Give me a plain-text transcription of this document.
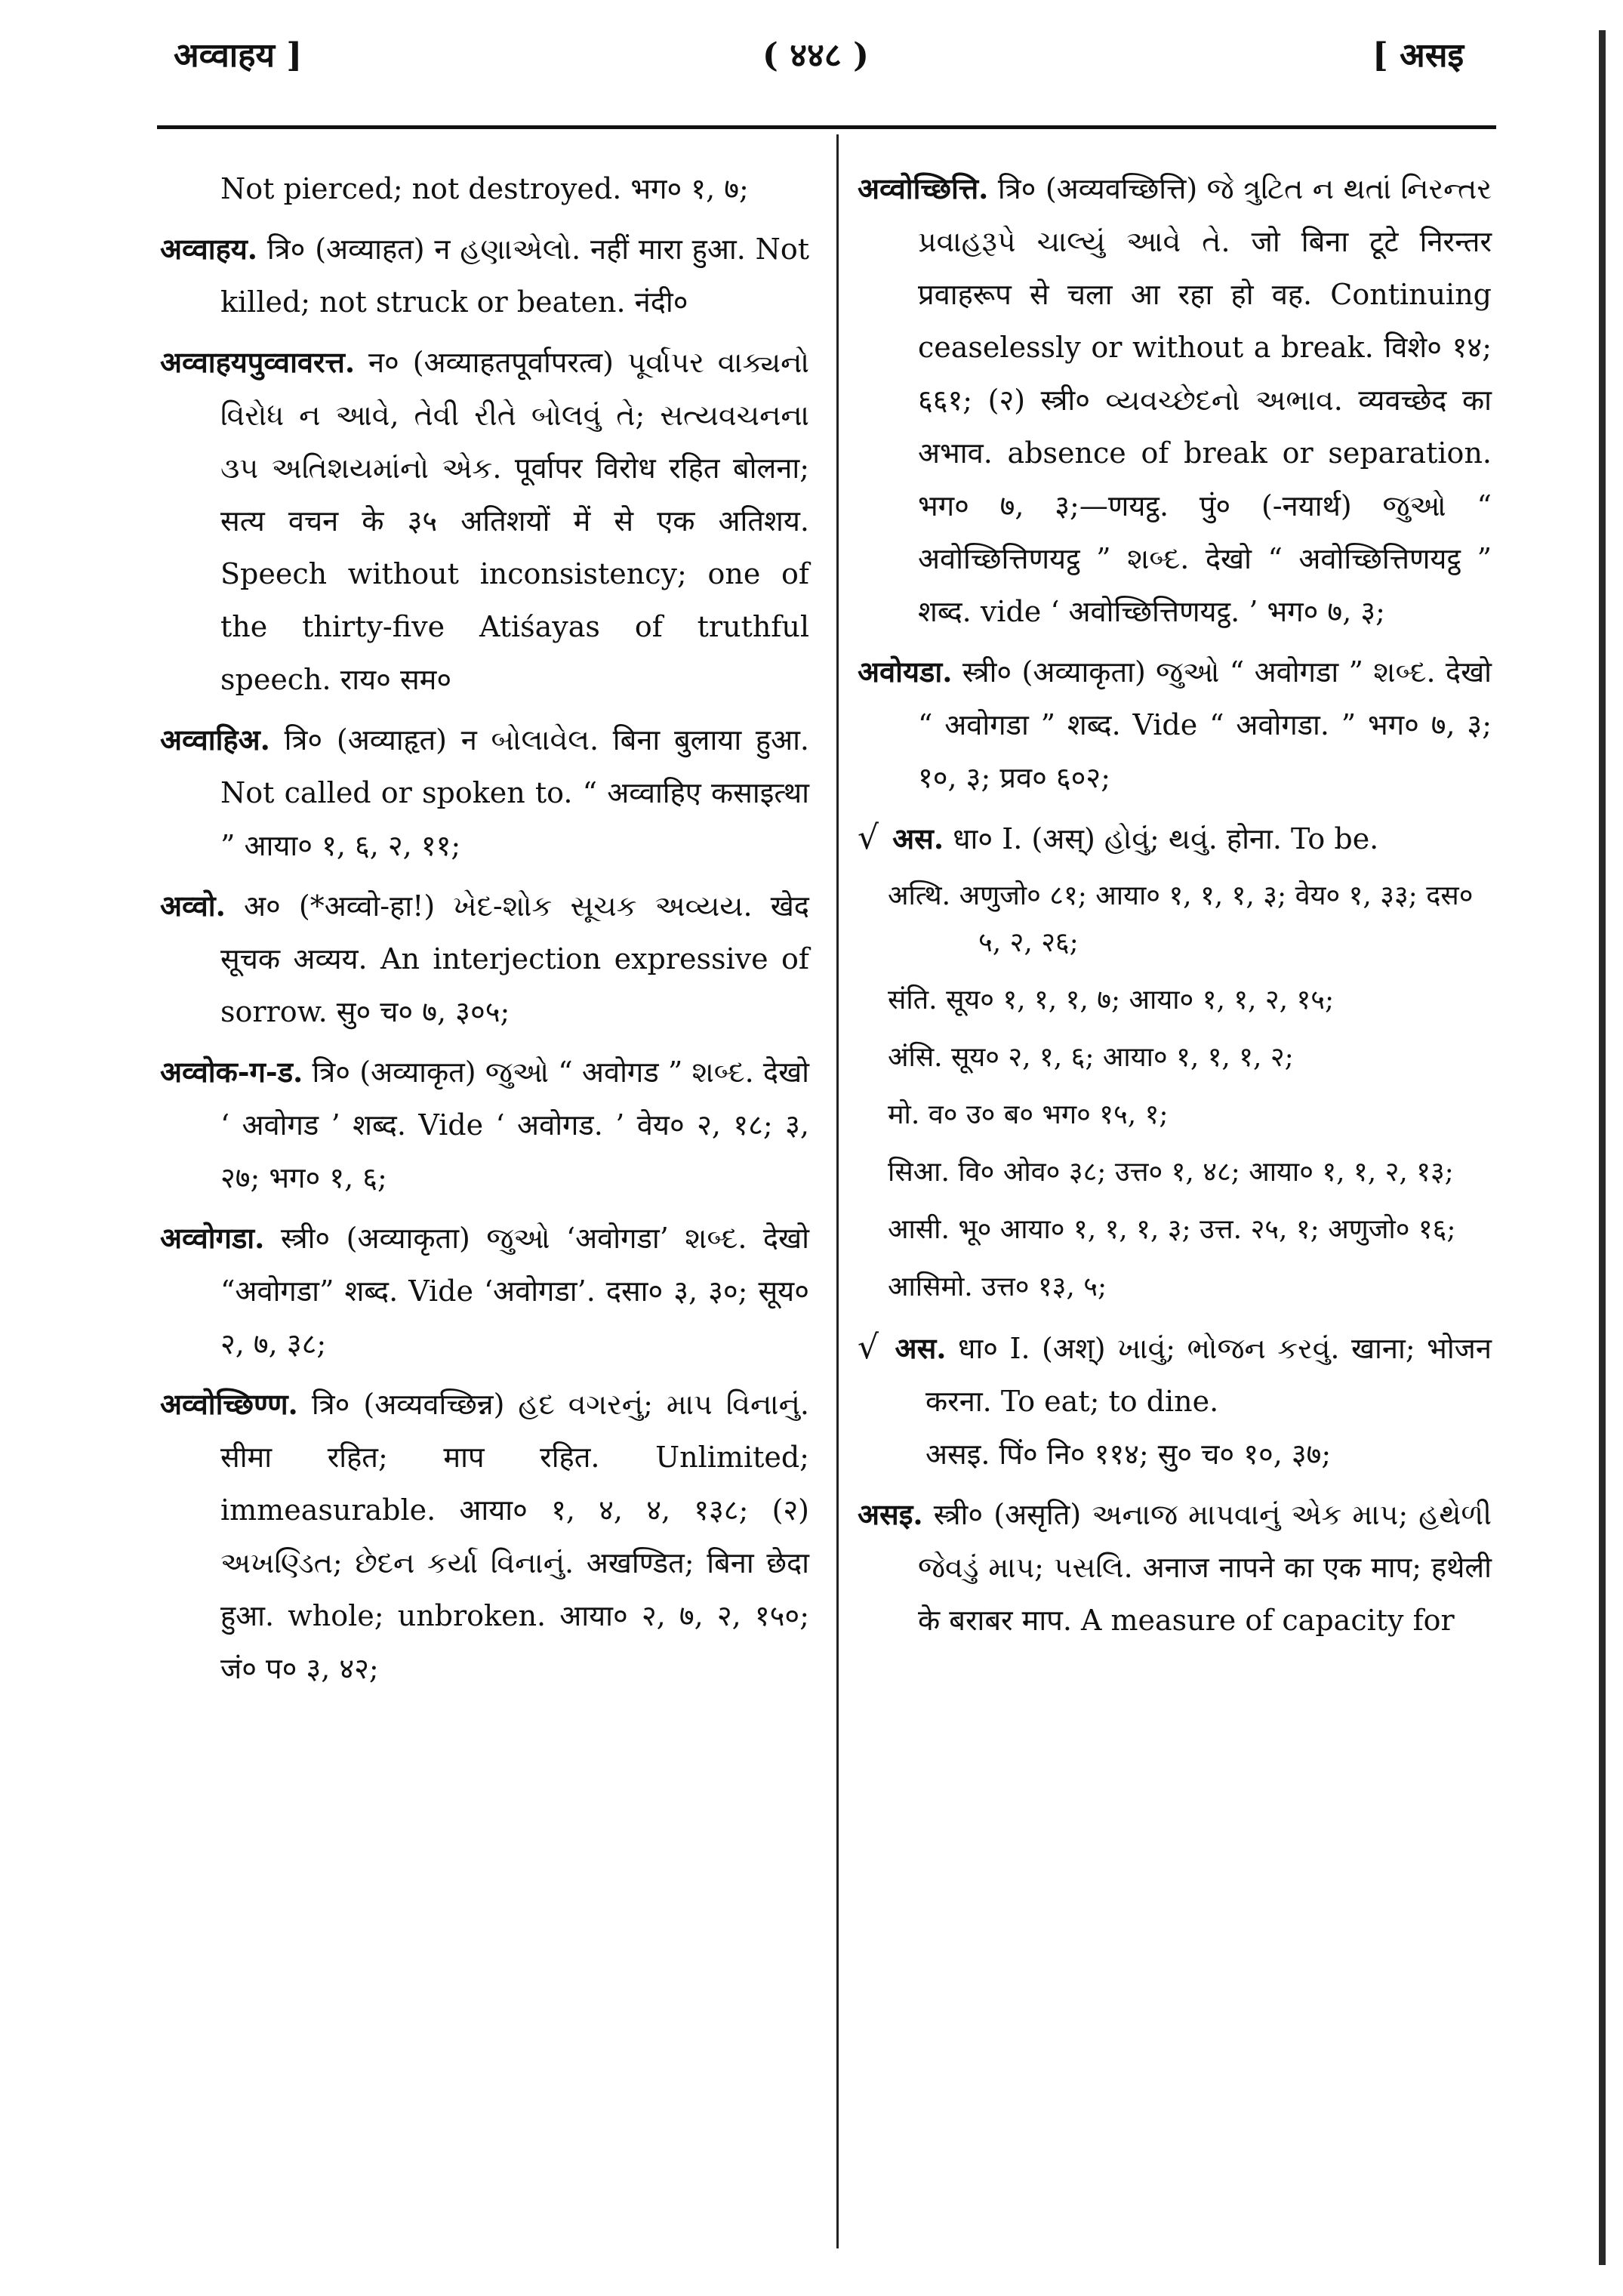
अव्वाहय ]	( ४४८ )	[ असइ

Not pierced; not destroyed. भग० १, ७;

अव्वाहय. त्रि० (अव्याहत) न હણાએલો. नहीं मारा हुआ. Not killed; not struck or beaten. नंदी०

अव्वाहयपुव्वावरत्त. न० (अव्याहतपूर्वापरत्व) પૂર્વાપર વાક્યનો વિરોધ ન આવે, તેવી રીતે બોલવું તે; સત્યવચનના ૩૫ અતિશયમાંનો એક. पूर्वापर विरोध रहित बोलना; सत्य वचन के ३५ अतिशयों में से एक अतिशय. Speech without inconsistency; one of the thirty-five Atiśayas of truthful speech. राय० सम०

अव्वाहिअ. त्रि० (अव्याहृत) न બોલાવેલ. बिना बुलाया हुआ. Not called or spoken to. “ अव्वाहिए कसाइत्था ” आया० १, ६, २, ११;

अव्वो. अ० (*अव्वो-हा!) ખેદ-શોક સૂચક અવ્યય. खेद सूचक अव्यय. An interjection expressive of sorrow. सु० च० ७, ३०५;

अव्वोक-ग-ड. त्रि० (अव्याकृत) જુઓ “ अवोगड ” શબ્દ. देखो ‘ अवोगड ’ शब्द. Vide ‘ अवोगड. ’ वेय० २, १८; ३, २७; भग० १, ६;

अव्वोगडा. स्त्री० (अव्याकृता) જુઓ ‘अवोगडा’ શબ્દ. देखो “अवोगडा” शब्द. Vide ‘अवोगडा’. दसा० ३, ३०; सूय० २, ७, ३८;

अव्वोच्छिण्ण. त्रि० (अव्यवच्छिन्न) હદ વગરનું; માપ વિનાનું. सीमा रहित; माप रहित. Unlimited; immeasurable. आया० १, ४, ४, १३८; (२) અખણ્ડિત; છેદન કર્યા વિનાનું. अखण्डित; बिना छेदा हुआ. whole; unbroken. आया० २, ७, २, १५०; जं० प० ३, ४२;

अव्वोच्छित्ति. त्रि० (अव्यवच्छित्ति) જે ત્રુટિત ન થતાં નિરન્તર પ્રવાહરૂપે ચાલ્યું આવે તે. जो बिना टूटे निरन्तर प्रवाहरूप से चला आ रहा हो वह. Continuing ceaselessly or without a break. विशे० १४; ६६१; (२) स्त्री० વ્યવચ્છેદનો અભાવ. व्यवच्छेद का अभाव. absence of break or separation. भग० ७, ३;—णयट्ठ. पुं० (-नयार्थ) જુઓ “ अवोच्छित्तिणयट्ठ ” શબ્દ. देखो “ अवोच्छित्तिणयट्ठ ” शब्द. vide ‘ अवोच्छित्तिणयट्ठ. ’ भग० ७, ३;

अवोयडा. स्त्री० (अव्याकृता) જુઓ “ अवोगडा ” શબ્દ. देखो “ अवोगडा ” शब्द. Vide “ अवोगडा. ” भग० ७, ३; १०, ३; प्रव० ६०२;

√ अस. धा० I. (अस्) હોવું; થવું. होना. To be.

अत्थि. अणुजो० ८१; आया० १, १, १, ३; वेय० १, ३३; दस० ५, २, २६;

संति. सूय० १, १, १, ७; आया० १, १, २, १५;

अंसि. सूय० २, १, ६; आया० १, १, १, २;

मो. व० उ० ब० भग० १५, १;

सिआ. वि० ओव० ३८; उत्त० १, ४८; आया० १, १, २, १३;

आसी. भू० आया० १, १, १, ३; उत्त. २५, १; अणुजो० १६;

आसिमो. उत्त० १३, ५;

√ अस. धा० I. (अश्) ખાવું; ભોજન કરવું. खाना; भोजन करना. To eat; to dine.
असइ. पिं० नि० ११४; सु० च० १०, ३७;

असइ. स्त्री० (असृति) અનાજ માપવાનું એક માપ; હથેળી જેવડું માપ; પસલિ. अनाज नापने का एक माप; हथेली के बराबर माप. A measure of capacity for
